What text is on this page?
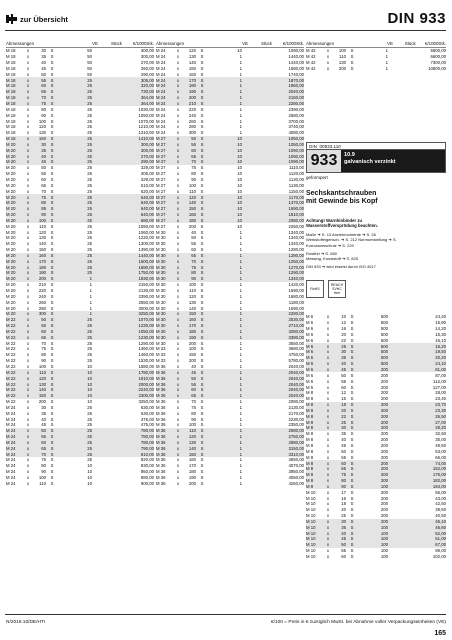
zur Übersicht	DIN 933
Abmessungen	VE	Stück	€/1000Stk.
M 18	x	30	S	50	300,00
M 18	x	35	S	50	300,00
M 18	x	40	S	50	270,00
M 18	x	45	S	50	260,00
M 18	x	50	S	50	290,00
M 18	x	55	S	25	305,00
M 18	x	60	S	25	320,00
M 18	x	65	S	25	730,00
M 18	x	70	S	25	364,00
M 18	x	75	S	25	364,00
M 18	x	80	S	25	1030,00
M 18	x	90	S	25	1050,00
M 18	x	100	S	25	1070,00
M 18	x	120	S	25	1210,00
M 18	x	130	S	25	1310,00
M 18	x	160	S	25	1410,00
M 20	x	30	S	25	300,00
M 20	x	35	S	25	300,00
M 20	x	40	S	25	270,00
M 20	x	45	S	25	290,00
M 20	x	50	S	25	329,00
M 20	x	55	S	25	305,00
M 20	x	60	S	25	329,00
M 20	x	65	S	25	610,00
M 20	x	70	S	25	620,00
M 20	x	75	S	25	640,00
M 20	x	80	S	25	640,00
M 20	x	85	S	25	640,00
M 20	x	90	S	25	640,00
M 20	x	100	S	25	680,00
M 20	x	110	S	25	1050,00
M 20	x	120	S	25	1060,00
M 20	x	130	S	25	1220,00
M 20	x	140	S	25	1300,00
M 20	x	150	S	25	1390,00
M 20	x	160	S	25	1440,00
M 20	x	170	S	25	1500,00
M 20	x	180	S	25	1680,00
M 20	x	190	S	25	1750,00
M 20	x	200	S	1	1830,00
M 20	x	210	S	1	2150,00
M 20	x	220	S	1	2130,00
M 20	x	240	S	1	2390,00
M 20	x	260	S	1	2650,00
M 20	x	280	S	1	3000,00
M 20	x	300	S	1	3250,00
M 22	x	50	S	25	1070,00
M 22	x	55	S	25	1230,00
M 22	x	60	S	25	1050,00
M 22	x	65	S	25	1230,00
M 22	x	70	S	25	1290,00
M 22	x	75	S	25	1360,00
M 22	x	80	S	25	1460,00
M 22	x	90	S	25	1530,00
M 22	x	100	S	10	1580,00
M 22	x	110	S	10	1780,00
M 22	x	120	S	10	1910,00
M 22	x	130	S	10	2000,00
M 22	x	140	S	10	2240,00
M 22	x	150	S	10	2300,00
M 22	x	200	S	10	3250,00
M 24	x	30	S	25	630,00
M 24	x	35	S	25	630,00
M 24	x	40	S	25	475,00
M 24	x	45	S	25	475,00
M 24	x	50	S	25	780,00
M 24	x	55	S	25	780,00
M 24	x	60	S	25	780,00
M 24	x	65	S	25	790,00
M 24	x	70	S	25	810,00
M 24	x	75	S	25	820,00
M 24	x	80	S	10	830,00
M 24	x	90	S	10	860,00
M 24	x	100	S	10	880,00
M 24	x	110	S	10	900,00
Abmessungen	VE	Stück	€/1000Stk.
M 24	x	120	S	10	1090,00
M 24	x	130	S	1	1440,00
M 24	x	140	S	1	1440,00
M 24	x	150	S	1	1580,00
M 24	x	160	S	1	1740,00
M 24	x	170	S	1	1870,00
M 24	x	180	S	1	1960,00
M 24	x	190	S	1	2040,00
M 24	x	200	S	1	2160,00
M 24	x	210	S	1	2280,00
M 24	x	220	S	1	2390,00
M 24	x	240	S	1	2580,00
M 24	x	260	S	1	3700,00
M 24	x	280	S	1	3740,00
M 24	x	300	S	1	4080,00
M 27	x	50	S	10	1050,00
M 27	x	55	S	10	1050,00
M 27	x	60	S	10	1090,00
M 27	x	65	S	10	1090,00
M 27	x	70	S	10	1090,00
M 27	x	75	S	10	1110,00
M 27	x	80	S	10	1120,00
M 27	x	90	S	10	1130,00
M 27	x	100	S	10	1130,00
M 27	x	110	S	10	1150,00
M 27	x	120	S	10	1170,00
M 27	x	140	S	10	1470,00
M 27	x	150	S	10	1690,00
M 27	x	160	S	10	1810,00
M 27	x	180	S	10	2080,00
M 27	x	200	S	10	2250,00
M 30	x	40	S	1	1340,00
M 30	x	50	S	1	1340,00
M 30	x	55	S	1	1340,00
M 30	x	60	S	1	1280,00
M 30	x	65	S	1	1280,00
M 30	x	70	S	1	1250,00
M 30	x	75	S	1	1270,00
M 30	x	80	S	1	1290,00
M 30	x	90	S	1	1340,00
M 30	x	100	S	1	1420,00
M 30	x	110	S	1	1590,00
M 30	x	120	S	1	1680,00
M 30	x	130	S	1	1180,00
M 30	x	140	S	1	1590,00
M 30	x	150	S	1	2280,00
M 30	x	160	S	1	2530,00
M 30	x	170	S	1	2710,00
M 30	x	180	S	1	3280,00
M 30	x	190	S	1	3390,00
M 30	x	200	S	1	3650,00
M 33	x	100	S	1	3680,00
M 33	x	150	S	1	4750,00
M 33	x	200	S	1	5780,00
M 36	x	40	S	1	2040,00
M 36	x	45	S	1	2040,00
M 36	x	50	S	1	2040,00
M 36	x	55	S	1	2040,00
M 36	x	60	S	1	2040,00
M 36	x	65	S	1	2040,00
M 36	x	70	S	1	2080,00
M 36	x	75	S	1	2130,00
M 36	x	80	S	1	2170,00
M 36	x	90	S	1	2230,00
M 36	x	100	S	1	2350,00
M 36	x	110	S	1	2680,00
M 36	x	120	S	1	2750,00
M 36	x	130	S	1	2980,00
M 36	x	140	S	1	3150,00
M 36	x	150	S	1	3310,00
M 36	x	160	S	1	3650,00
M 36	x	170	S	1	4070,00
M 36	x	180	S	1	3950,00
M 36	x	190	S	1	4050,00
M 36	x	200	S	1	4260,00
Abmessungen	VE	Stück	€/1000Stk.
M 42	x	100	S	1	5900,00
M 42	x	110	S	1	6600,00
M 42	x	130	S	1	7300,00
M 42	x	200	S	1	10800,00
DIN 00933.110
933	10.9
galvanisch verzinkt
geformpert
Sechskantschrauben
mit Gewinde bis Kopf
Achtung! Warnhinbinder zu
Wasserstoffversprödung beachten.
Maße ➔ S. 13 Anziehmomente ➔ S. 26
Werkstoffeigensch. ➔ S. 212 Normumstellung ➔ S.
Korrosionsschutz ➔ S. 220
Rostfrei ➔ S. 680
Messing, Kunststoff ➔ S. 825
DIN 933 ➔ wird ersetzt durch ISO 4017
RoHS
REACH SVHC free
M 6	x	10	S	500	24,40
M 6	x	12	S	500	15,90
M 6	x	16	S	500	14,20
M 6	x	20	S	500	15,30
M 6	x	22	S	500	16,10
M 6	x	25	S	500	16,20
M 6	x	30	S	500	19,50
M 6	x	35	S	500	20,20
M 6	x	40	S	500	24,10
M 6	x	45	S	200	81,00
M 6	x	50	S	200	87,00
M 6	x	55	S	200	112,00
M 6	x	60	S	200	127,00
M 8	x	12	S	200	28,00
M 8	x	16	S	200	23,40
M 8	x	18	S	200	23,70
M 8	x	20	S	200	23,30
M 8	x	22	S	200	26,50
M 8	x	25	S	200	27,00
M 8	x	30	S	200	28,20
M 8	x	35	S	200	32,50
M 8	x	40	S	200	35,00
M 8	x	45	S	200	49,50
M 8	x	50	S	200	53,00
M 8	x	55	S	200	66,00
M 8	x	60	S	200	74,00
M 8	x	65	S	200	152,00
M 8	x	75	S	200	176,00
M 8	x	80	S	200	182,00
M 8	x	90	S	100	194,00
M 10	x	17	S	200	56,00
M 10	x	16	S	200	43,00
M 10	x	18	S	200	42,50
M 10	x	20	S	200	39,50
M 10	x	25	S	200	40,50
M 10	x	30	S	200	45,10
M 10	x	35	S	100	46,60
M 10	x	40	S	100	52,00
M 10	x	45	S	100	61,00
M 10	x	50	S	100	67,00
M 10	x	55	S	100	98,00
M 10	x	60	S	100	102,00
N/2019.10/DE/HTI	€/100 = Preis in € zuzüglich MwSt. bei Abnahme voller Verpackungseinheiten (VE)
165
